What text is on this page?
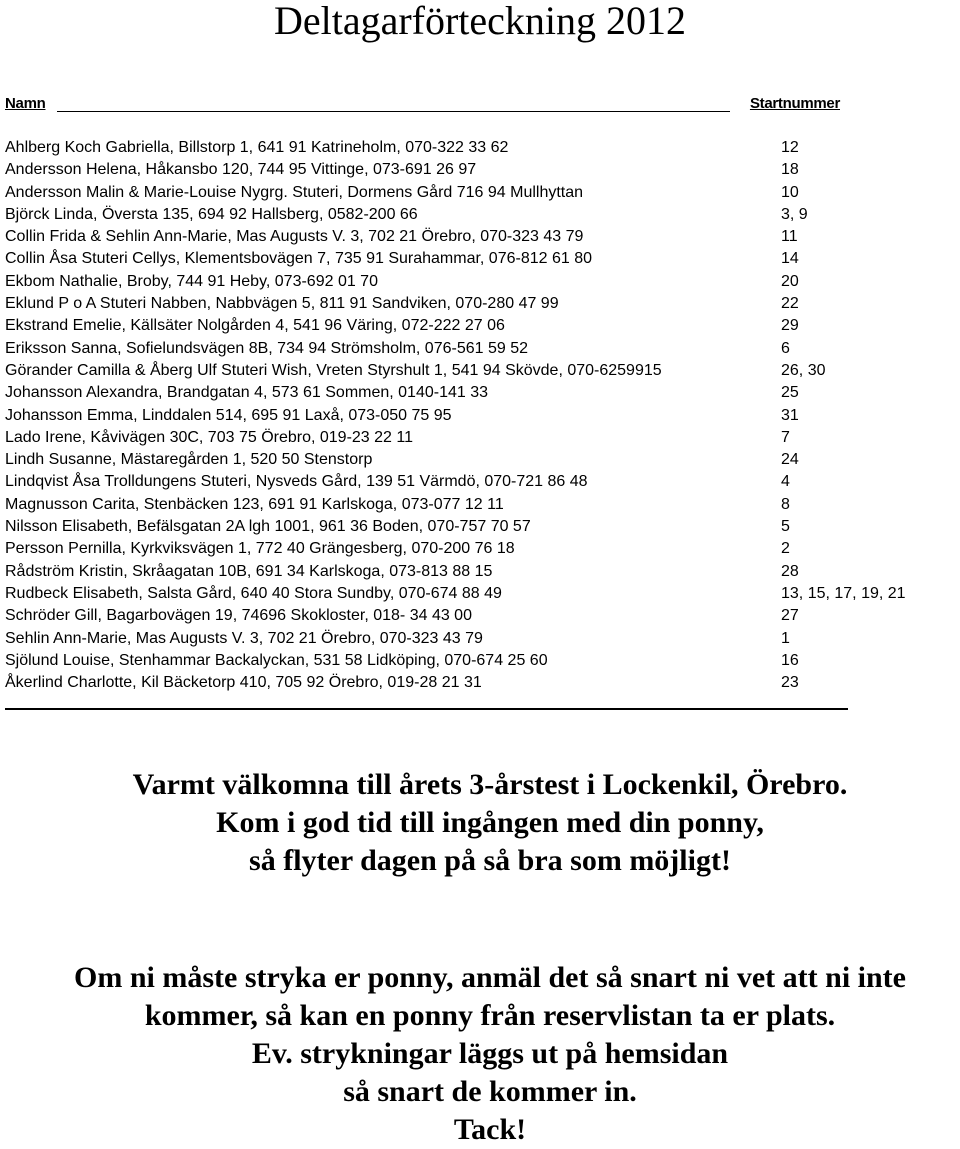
Deltagarförteckning 2012
Namn	Startnummer
Ahlberg Koch Gabriella, Billstorp 1, 641 91 Katrineholm, 070-322 33 62	12
Andersson Helena, Håkansbo 120, 744 95 Vittinge, 073-691 26 97	18
Andersson Malin & Marie-Louise Nygrg. Stuteri, Dormens Gård 716 94 Mullhyttan	10
Björck Linda, Översta 135, 694 92 Hallsberg, 0582-200 66	3, 9
Collin Frida & Sehlin Ann-Marie, Mas Augusts V. 3, 702 21 Örebro, 070-323 43 79	11
Collin Åsa Stuteri Cellys, Klementsbovägen 7, 735 91 Surahammar, 076-812 61 80	14
Ekbom Nathalie, Broby, 744 91 Heby, 073-692 01 70	20
Eklund P o A Stuteri Nabben, Nabbvägen 5, 811 91 Sandviken, 070-280 47 99	22
Ekstrand Emelie, Källsäter Nolgården 4, 541 96 Väring, 072-222 27 06	29
Eriksson Sanna, Sofielundsvägen 8B, 734 94 Strömsholm, 076-561 59 52	6
Görander Camilla & Åberg Ulf Stuteri Wish, Vreten Styrshult 1, 541 94 Skövde, 070-6259915	26, 30
Johansson Alexandra, Brandgatan 4, 573 61 Sommen, 0140-141 33	25
Johansson Emma, Linddalen 514, 695 91 Laxå, 073-050 75 95	31
Lado Irene, Kåvivägen 30C, 703 75 Örebro, 019-23 22 11	7
Lindh Susanne, Mästaregården 1, 520 50 Stenstorp	24
Lindqvist Åsa Trolldungens Stuteri, Nysveds Gård, 139 51 Värmdö, 070-721 86 48	4
Magnusson Carita, Stenbäcken 123, 691 91 Karlskoga, 073-077 12 11	8
Nilsson Elisabeth, Befälsgatan 2A lgh 1001, 961 36 Boden, 070-757 70 57	5
Persson Pernilla, Kyrkviksvägen 1, 772 40 Grängesberg, 070-200 76 18	2
Rådström Kristin, Skråagatan 10B, 691 34 Karlskoga, 073-813 88 15	28
Rudbeck Elisabeth, Salsta Gård, 640 40 Stora Sundby, 070-674 88 49	13, 15, 17, 19, 21
Schröder Gill, Bagarbovägen 19, 74696 Skokloster, 018- 34 43 00	27
Sehlin Ann-Marie, Mas Augusts V. 3, 702 21 Örebro, 070-323 43 79	1
Sjölund Louise, Stenhammar Backalyckan, 531 58 Lidköping, 070-674 25 60	16
Åkerlind Charlotte, Kil Bäcketorp 410, 705 92 Örebro, 019-28 21 31	23
Varmt välkomna till årets 3-årstest i Lockenkil, Örebro.
Kom i god tid till ingången med din ponny,
så flyter dagen på så bra som möjligt!
Om ni måste stryka er ponny, anmäl det så snart ni vet att ni inte
kommer, så kan en ponny från reservlistan ta er plats.
Ev. strykningar läggs ut på hemsidan
så snart de kommer in.
Tack!
